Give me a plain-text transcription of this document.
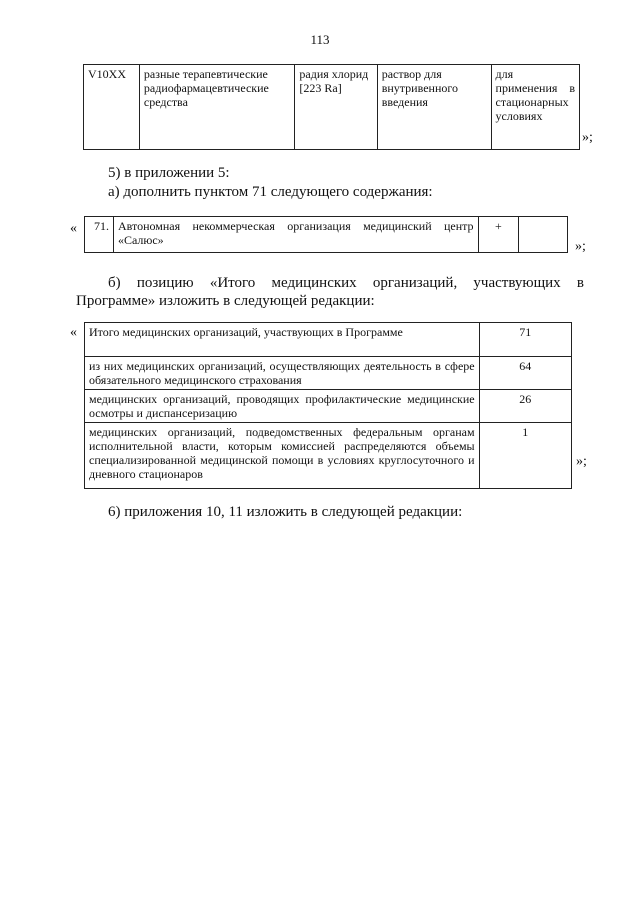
113
V10XX	разные терапевтические радиофармацевтические средства	радия хлорид [223 Ra]	раствор для внутривенного введения	для применения в стационарных условиях
»;
5) в приложении 5:
а) дополнить пунктом 71 следующего содержания:
« 71.	Автономная некоммерческая организация медицинский центр «Салюс»	+	
»;
б) позицию «Итого медицинских организаций, участвующих в Программе» изложить в следующей редакции:
« Итого медицинских организаций, участвующих в Программе	71
из них медицинских организаций, осуществляющих деятельность в сфере обязательного медицинского страхования	64
медицинских организаций, проводящих профилактические медицинские осмотры и диспансеризацию	26
медицинских организаций, подведомственных федеральным органам исполнительной власти, которым комиссией распределяются объемы специализированной медицинской помощи в условиях круглосуточного и дневного стационаров	1
»;
6) приложения 10, 11 изложить в следующей редакции:
